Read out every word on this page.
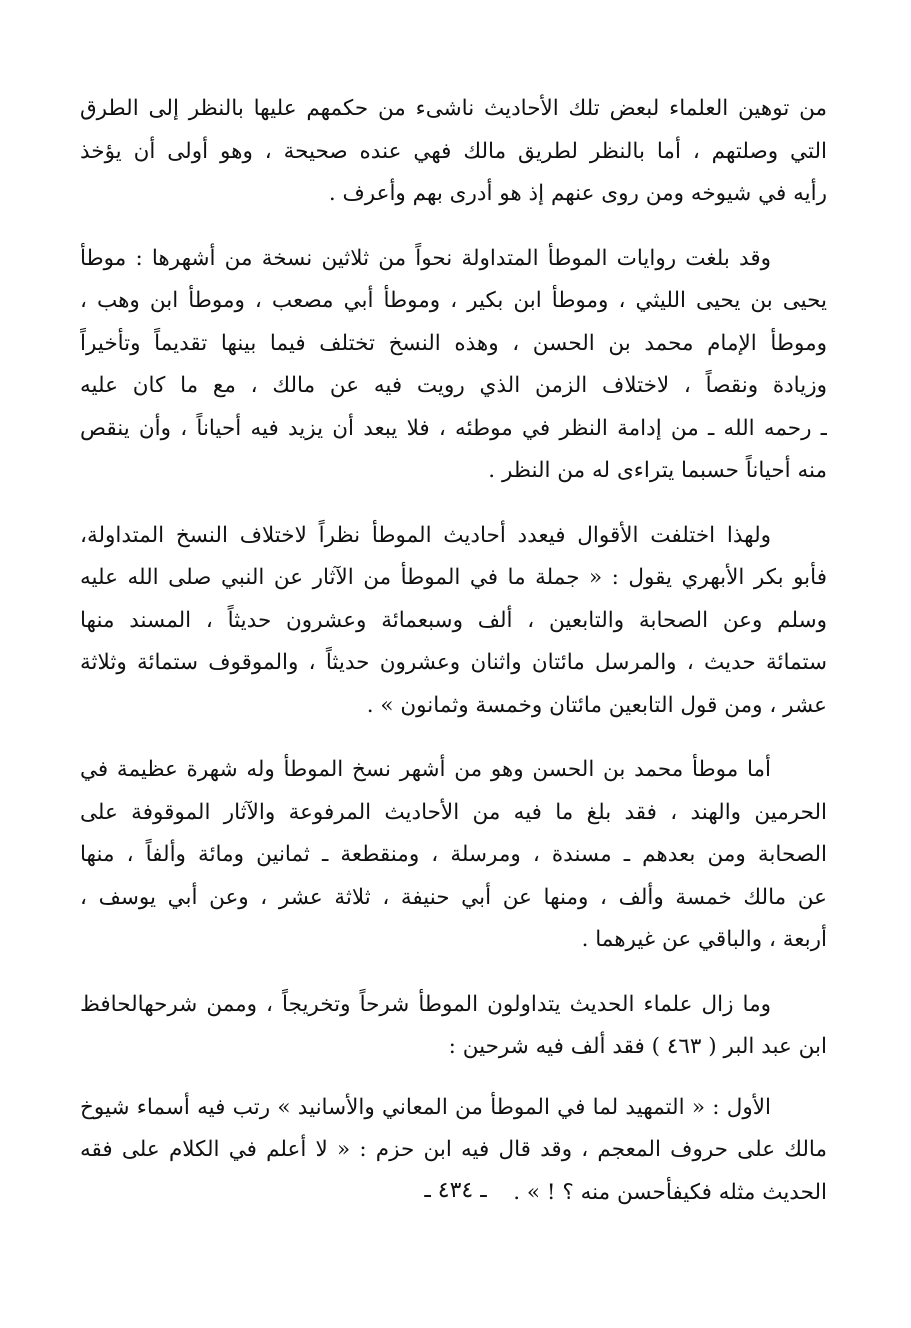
من توهين العلماء لبعض تلك الأحاديث ناشىء من حكمهم عليها بالنظر إلى الطرق
التي وصلتهم ، أما بالنظر لطريق مالك فهي عنده صحيحة ، وهو أولى أن يؤخذ
رأيه في شيوخه ومن روى عنهم إذ هو أدرى بهم وأعرف .

وقد بلغت روايات الموطأ المتداولة نحواً من ثلاثين نسخة من أشهرها : موطأ
يحيى بن يحيى الليثي ، وموطأ ابن بكير ، وموطأ أبي مصعب ، وموطأ ابن وهب ،
وموطأ الإمام محمد بن الحسن ، وهذه النسخ تختلف فيما بينها تقديماً وتأخيراً
وزيادة ونقصاً ، لاختلاف الزمن الذي رويت فيه عن مالك ، مع ما كان عليه
ـ رحمه الله ـ من إدامة النظر في موطئه ، فلا يبعد أن يزيد فيه أحياناً ، وأن ينقص
منه أحياناً حسبما يتراءى له من النظر .

ولهذا اختلفت الأقوال فيعدد أحاديث الموطأ نظراً لاختلاف النسخ المتداولة،
فأبو بكر الأبهري يقول : « جملة ما في الموطأ من الآثار عن النبي صلى الله عليه
وسلم وعن الصحابة والتابعين ، ألف وسبعمائة وعشرون حديثاً ، المسند منها
ستمائة حديث ، والمرسل مائتان واثنان وعشرون حديثاً ، والموقوف ستمائة وثلاثة
عشر ، ومن قول التابعين مائتان وخمسة وثمانون » .

أما موطأ محمد بن الحسن وهو من أشهر نسخ الموطأ وله شهرة عظيمة في
الحرمين والهند ، فقد بلغ ما فيه من الأحاديث المرفوعة والآثار الموقوفة على
الصحابة ومن بعدهم ـ مسندة ، ومرسلة ، ومنقطعة ـ ثمانين ومائة وألفاً ، منها
عن مالك خمسة وألف ، ومنها عن أبي حنيفة ، ثلاثة عشر ، وعن أبي يوسف ،
أربعة ، والباقي عن غيرهما .

وما زال علماء الحديث يتداولون الموطأ شرحاً وتخريجاً ، وممن شرحهالحافظ
ابن عبد البر ( ٤٦٣ ) فقد ألف فيه شرحين :

الأول : « التمهيد لما في الموطأ من المعاني والأسانيد » رتب فيه أسماء شيوخ
مالك على حروف المعجم ، وقد قال فيه ابن حزم : « لا أعلم في الكلام على فقه
الحديث مثله فكيفأحسن منه ؟ ! » .

ـ ٤٣٤ ـ
